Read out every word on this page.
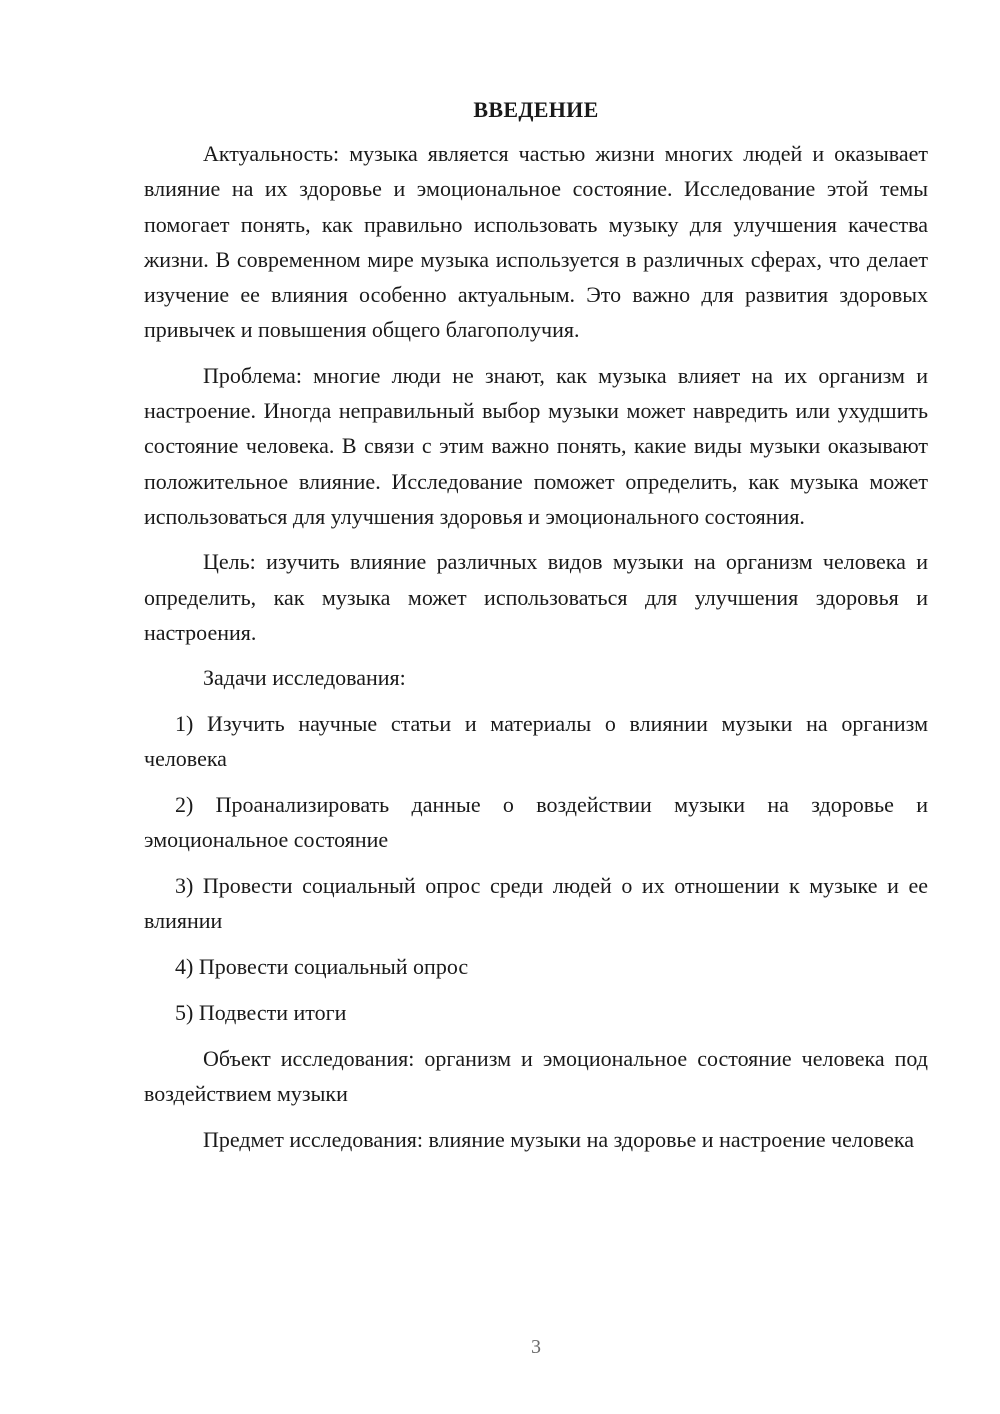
ВВЕДЕНИЕ

Актуальность: музыка является частью жизни многих людей и оказывает влияние на их здоровье и эмоциональное состояние. Исследование этой темы помогает понять, как правильно использовать музыку для улучшения качества жизни. В современном мире музыка используется в различных сферах, что делает изучение ее влияния особенно актуальным. Это важно для развития здоровых привычек и повышения общего благополучия.

Проблема: многие люди не знают, как музыка влияет на их организм и настроение. Иногда неправильный выбор музыки может навредить или ухудшить состояние человека. В связи с этим важно понять, какие виды музыки оказывают положительное влияние. Исследование поможет определить, как музыка может использоваться для улучшения здоровья и эмоционального состояния.

Цель: изучить влияние различных видов музыки на организм человека и определить, как музыка может использоваться для улучшения здоровья и настроения.

Задачи исследования:

1) Изучить научные статьи и материалы о влиянии музыки на организм человека

2) Проанализировать данные о воздействии музыки на здоровье и эмоциональное состояние

3) Провести социальный опрос среди людей о их отношении к музыке и ее влиянии

4) Провести социальный опрос

5) Подвести итоги

Объект исследования: организм и эмоциональное состояние человека под воздействием музыки

Предмет исследования: влияние музыки на здоровье и настроение человека

3
